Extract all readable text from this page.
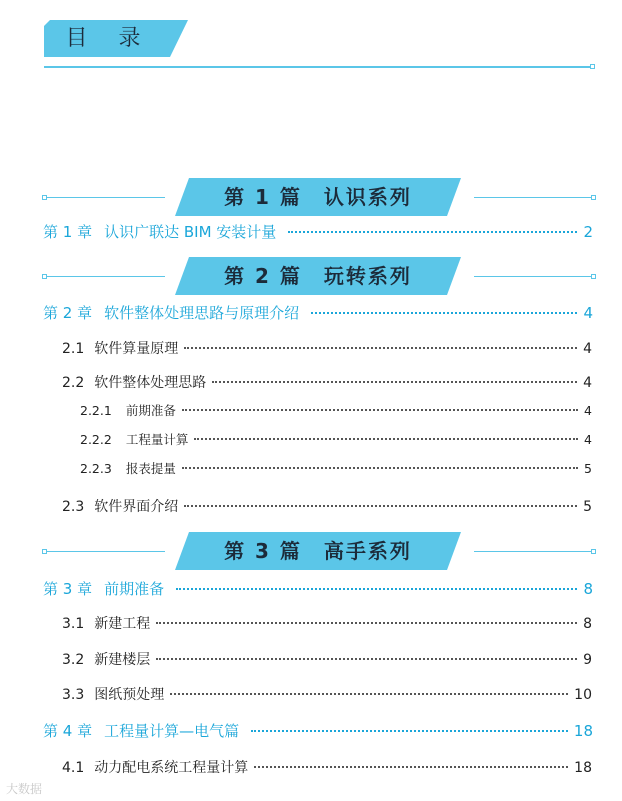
目 录
第 1 篇　认识系列
第 1 章 认识广联达 BIM 安装计量	2
第 2 篇　玩转系列
第 2 章 软件整体处理思路与原理介绍	4
2.1 软件算量原理	4
2.2 软件整体处理思路	4
2.2.1 前期准备	4
2.2.2 工程量计算	4
2.2.3 报表提量	5
2.3 软件界面介绍	5
第 3 篇　高手系列
第 3 章 前期准备	8
3.1 新建工程	8
3.2 新建楼层	9
3.3 图纸预处理	10
第 4 章 工程量计算—电气篇	18
4.1 动力配电系统工程量计算	18
大数据
